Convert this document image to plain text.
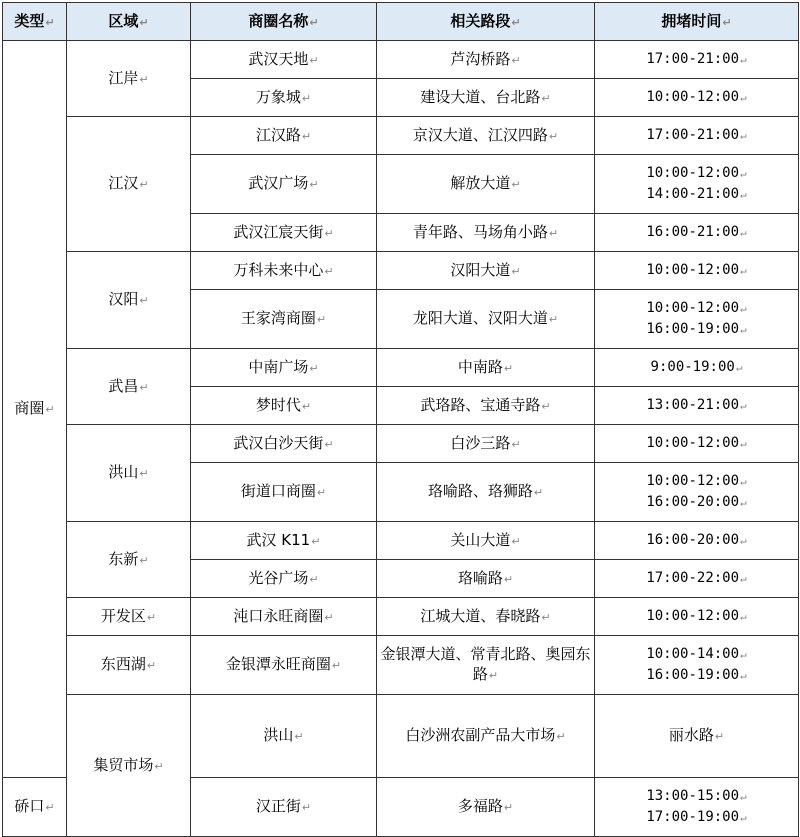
类型↵	区域↵	商圈名称↵	相关路段↵	拥堵时间↵	
商圈↵	江岸↵	武汉天地↵	芦沟桥路↵	17:00-21:00↵	

		万象城↵	建设大道、台北路↵	10:00-12:00↵	

	江汉↵	江汉路↵	京汉大道、江汉四路↵	17:00-21:00↵	

		武汉广场↵	解放大道↵	10:00-12:00↵
14:00-21:00↵	

		武汉江宸天街↵	青年路、马场角小路↵	16:00-21:00↵	

	汉阳↵	万科未来中心↵	汉阳大道↵	10:00-12:00↵	

		王家湾商圈↵	龙阳大道、汉阳大道↵	10:00-12:00↵
16:00-19:00↵	

	武昌↵	中南广场↵	中南路↵	9:00-19:00↵	

		梦时代↵	武珞路、宝通寺路↵	13:00-21:00↵	

	洪山↵	武汉白沙天街↵	白沙三路↵	10:00-12:00↵	

		街道口商圈↵	珞喻路、珞狮路↵	10:00-12:00↵
16:00-20:00↵	

	东新↵	武汉 K11↵	关山大道↵	16:00-20:00↵	

		光谷广场↵	珞喻路↵	17:00-22:00↵	

	开发区↵	沌口永旺商圈↵	江城大道、春晓路↵	10:00-12:00↵	

	东西湖↵	金银潭永旺商圈↵	金银潭大道、常青北路、奥园东路↵	10:00-14:00↵
16:00-19:00↵	

	集贸市场↵	洪山↵	白沙洲农副产品大市场↵	丽水路↵	

硚口↵		汉正街↵	多福路↵	13:00-15:00↵
17:00-19:00↵	
